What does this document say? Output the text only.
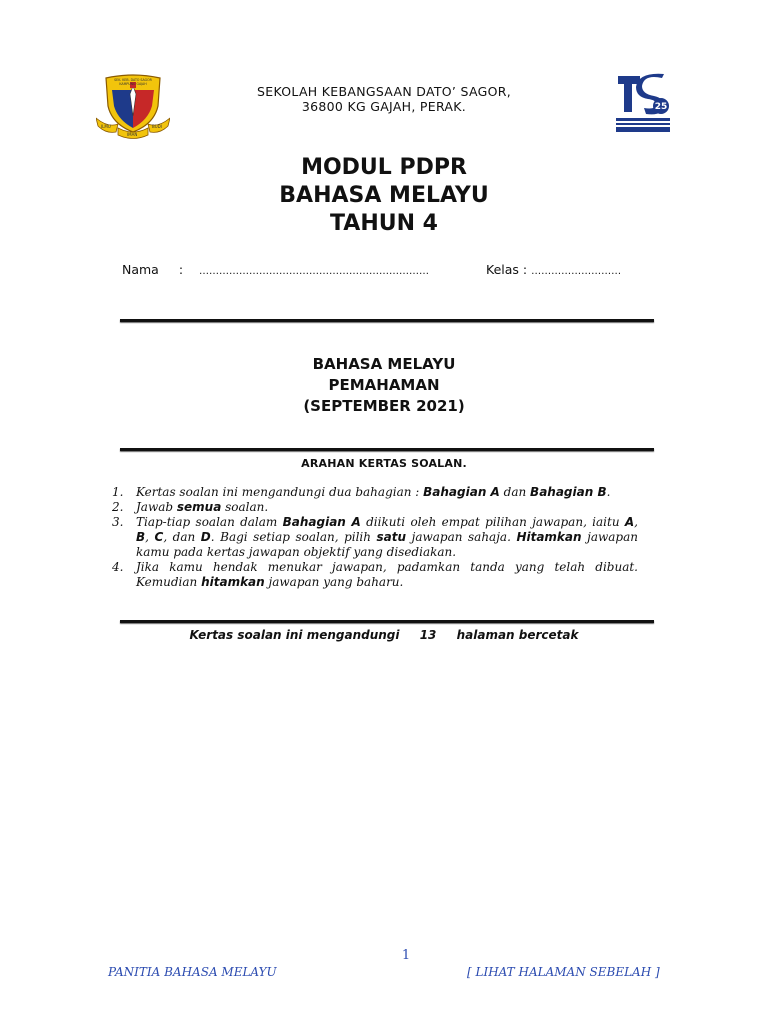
ILMU
IMAN
BUDI
SEK. KEB. DATO SAGOR
KAMPUNG GAJAH
25
SEKOLAH KEBANGSAAN DATO’ SAGOR,
36800 KG GAJAH, PERAK.
MODUL PDPR
BAHASA MELAYU
TAHUN 4
Nama : ……………………………………………………………	Kelas : ………………………
BAHASA MELAYU
PEMAHAMAN
(SEPTEMBER 2021)
ARAHAN KERTAS SOALAN.
1.	Kertas soalan ini mengandungi dua bahagian : Bahagian A dan Bahagian B.
2.	Jawab semua soalan.
3.	Tiap-tiap soalan dalam Bahagian A diikuti oleh empat pilihan jawapan, iaitu A, B, C, dan D. Bagi setiap soalan, pilih satu jawapan sahaja. Hitamkan jawapan kamu pada kertas jawapan objektif yang disediakan.
4.	Jika kamu hendak menukar jawapan, padamkan tanda yang telah dibuat. Kemudian hitamkan jawapan yang baharu.
Kertas soalan ini mengandungi 13 halaman bercetak
1
PANITIA BAHASA MELAYU	[ LIHAT HALAMAN SEBELAH ]
